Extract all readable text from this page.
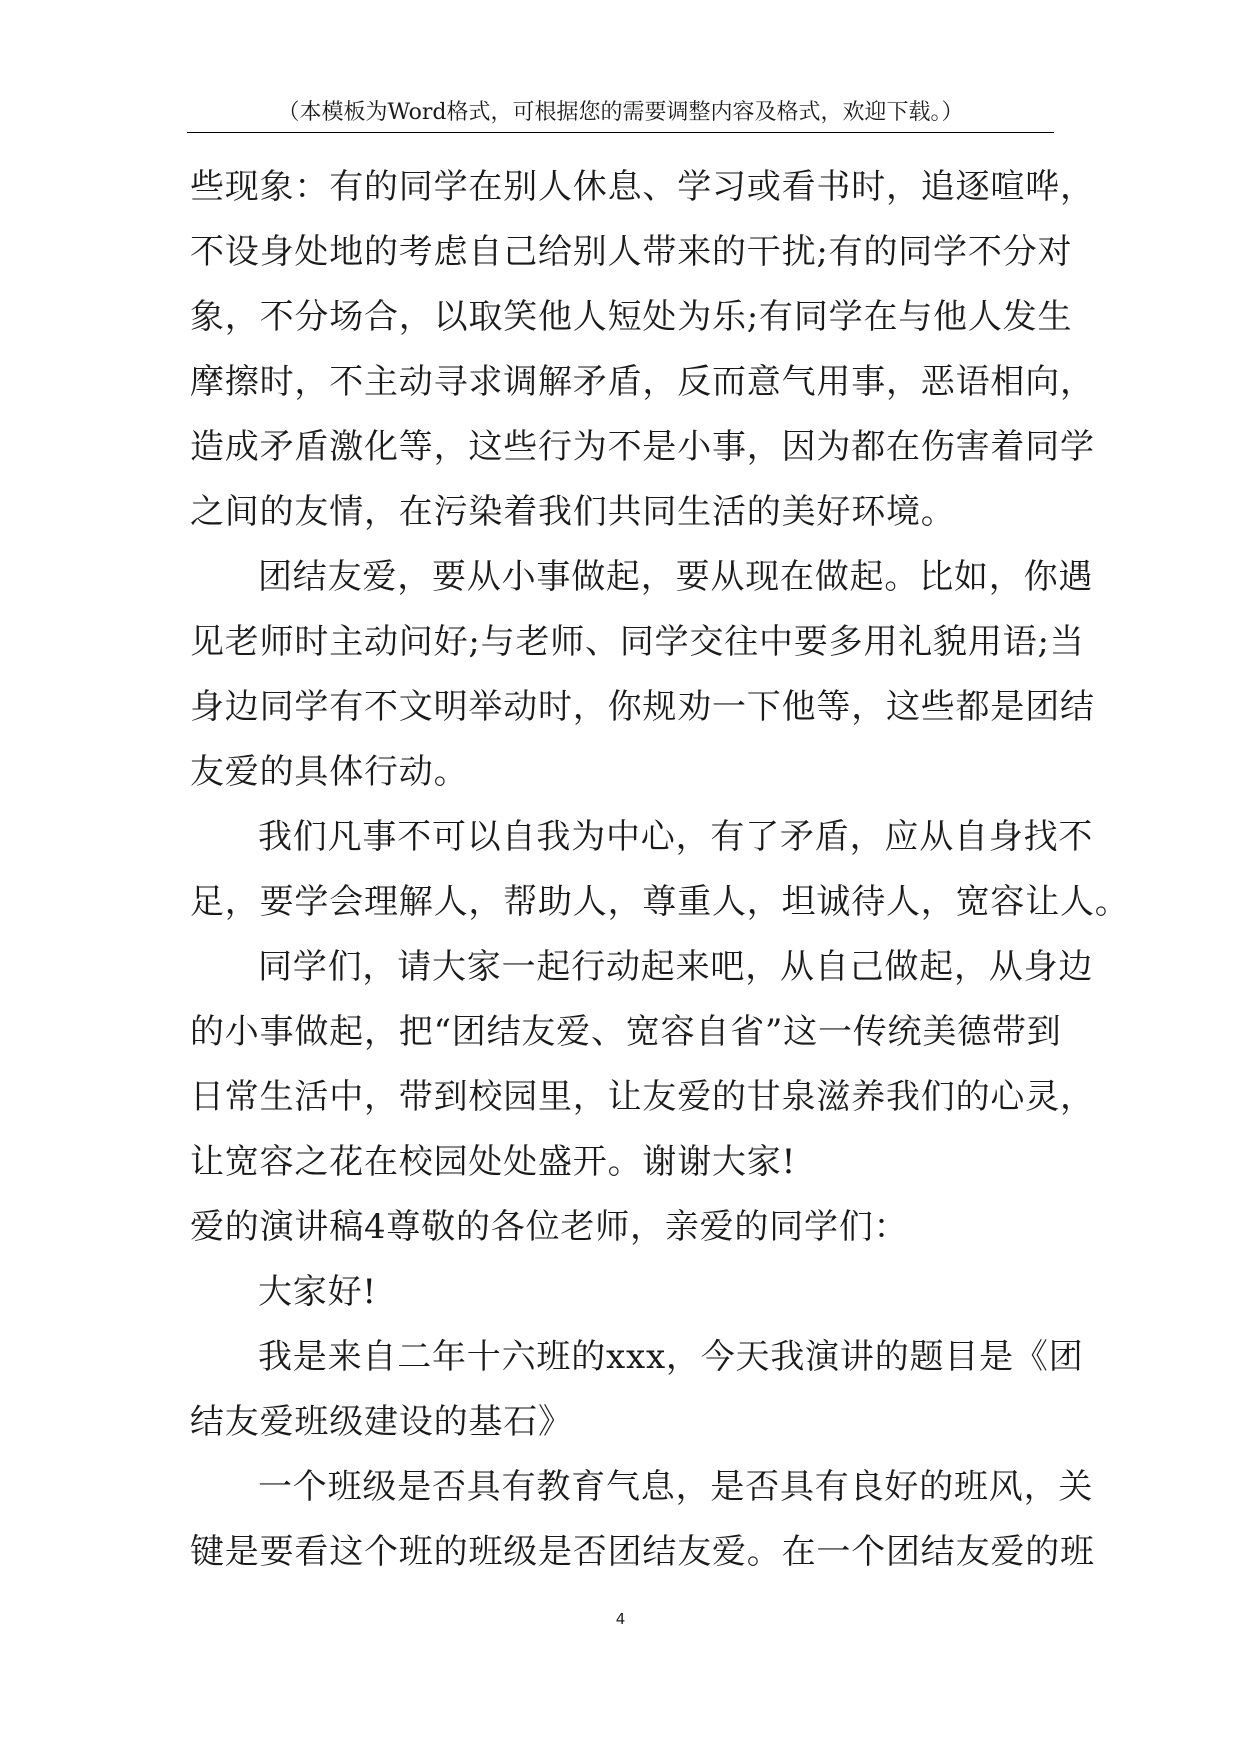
（本模板为Word格式，可根据您的需要调整内容及格式，欢迎下载。）
些现象：有的同学在别人休息、学习或看书时，追逐喧哗，
不设身处地的考虑自己给别人带来的干扰;有的同学不分对
象，不分场合，以取笑他人短处为乐;有同学在与他人发生
摩擦时，不主动寻求调解矛盾，反而意气用事，恶语相向，
造成矛盾激化等，这些行为不是小事，因为都在伤害着同学
之间的友情，在污染着我们共同生活的美好环境。
团结友爱，要从小事做起，要从现在做起。比如，你遇
见老师时主动问好;与老师、同学交往中要多用礼貌用语;当
身边同学有不文明举动时，你规劝一下他等，这些都是团结
友爱的具体行动。
我们凡事不可以自我为中心，有了矛盾，应从自身找不
足，要学会理解人，帮助人，尊重人，坦诚待人，宽容让人。
同学们，请大家一起行动起来吧，从自己做起，从身边
的小事做起，把“团结友爱、宽容自省”这一传统美德带到
日常生活中，带到校园里，让友爱的甘泉滋养我们的心灵，
让宽容之花在校园处处盛开。谢谢大家!
爱的演讲稿4尊敬的各位老师，亲爱的同学们：
大家好!
我是来自二年十六班的xxx，今天我演讲的题目是《团
结友爱班级建设的基石》
一个班级是否具有教育气息，是否具有良好的班风，关
键是要看这个班的班级是否团结友爱。在一个团结友爱的班
4
